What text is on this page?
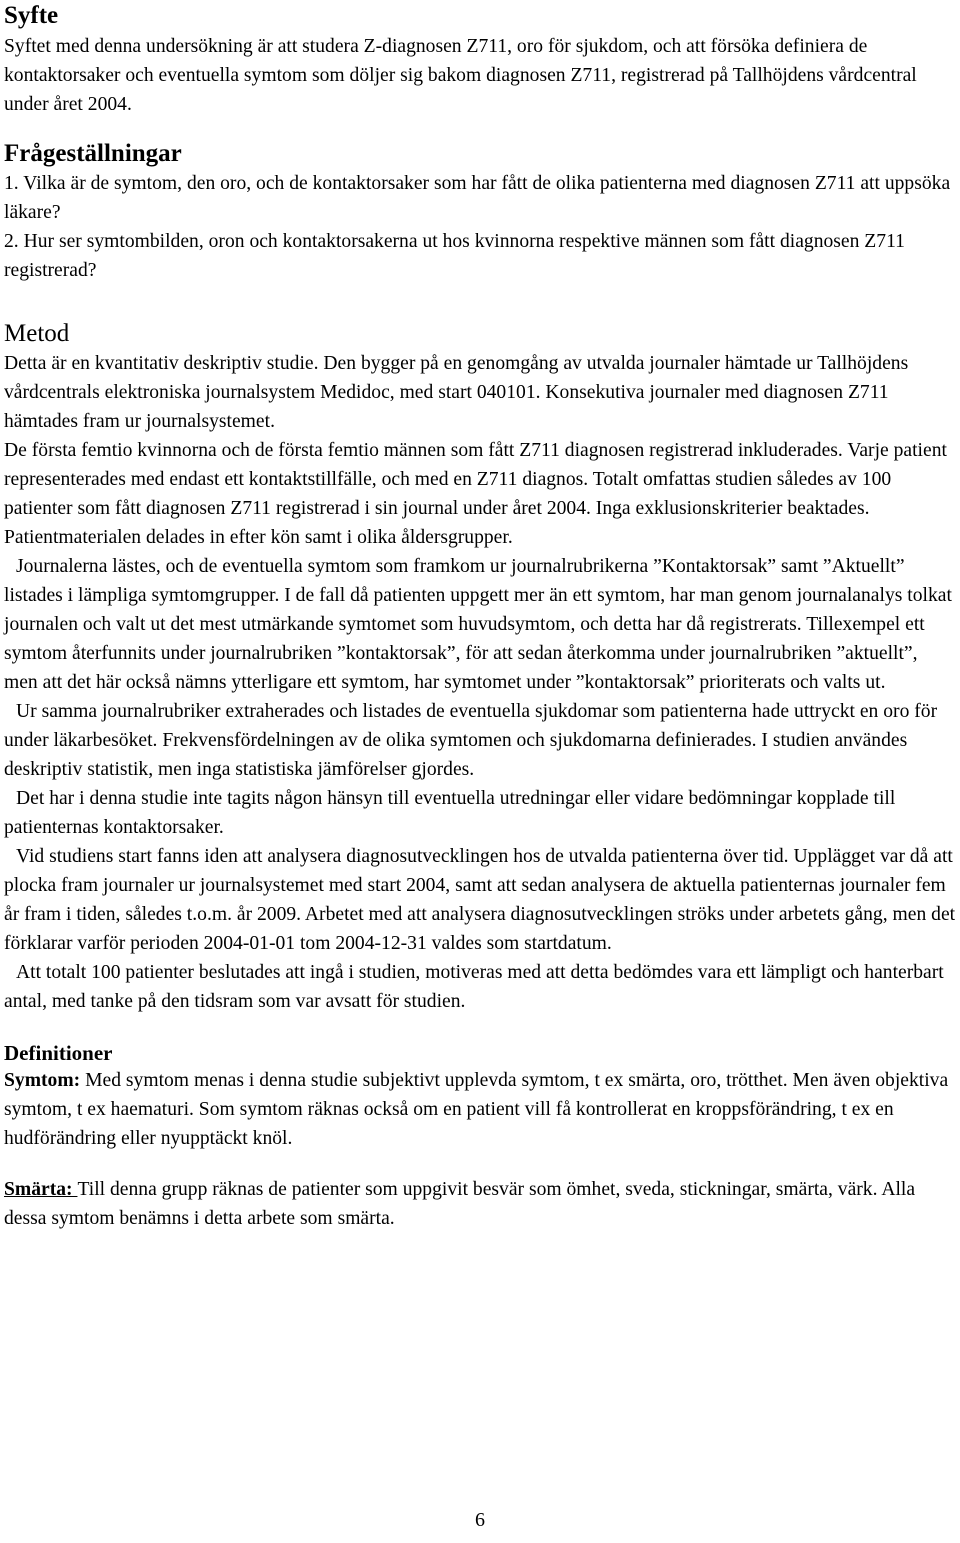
Syfte

Syftet med denna undersökning är att studera Z-diagnosen Z711, oro för sjukdom, och att försöka definiera de kontaktorsaker och eventuella symtom som döljer sig bakom diagnosen Z711, registrerad på Tallhöjdens vårdcentral under året 2004.

Frågeställningar

1. Vilka är de symtom, den oro, och de kontaktorsaker som har fått de olika patienterna med diagnosen Z711 att uppsöka läkare?

2. Hur ser symtombilden, oron och kontaktorsakerna ut hos kvinnorna respektive männen som fått diagnosen Z711 registrerad?

Metod

Detta är en kvantitativ deskriptiv studie. Den bygger på en genomgång av utvalda journaler hämtade ur Tallhöjdens vårdcentrals elektroniska journalsystem Medidoc, med start 040101. Konsekutiva journaler med diagnosen Z711 hämtades fram ur journalsystemet.

De första femtio kvinnorna och de första femtio männen som fått Z711 diagnosen registrerad inkluderades. Varje patient representerades med endast ett kontaktstillfälle, och med en Z711 diagnos. Totalt omfattas studien således av 100 patienter som fått diagnosen Z711 registrerad i sin journal under året 2004. Inga exklusionskriterier beaktades. Patientmaterialen delades in efter kön samt i olika åldersgrupper.

Journalerna lästes, och de eventuella symtom som framkom ur journalrubrikerna ”Kontaktorsak” samt ”Aktuellt” listades i lämpliga symtomgrupper. I de fall då patienten uppgett mer än ett symtom, har man genom journalanalys tolkat journalen och valt ut det mest utmärkande symtomet som huvudsymtom, och detta har då registrerats. Tillexempel ett symtom återfunnits under journalrubriken ”kontaktorsak”, för att sedan återkomma under journalrubriken ”aktuellt”, men att det här också nämns ytterligare ett symtom, har symtomet under ”kontaktorsak” prioriterats och valts ut.

Ur samma journalrubriker extraherades och listades de eventuella sjukdomar som patienterna hade uttryckt en oro för under läkarbesöket. Frekvensfördelningen av de olika symtomen och sjukdomarna definierades. I studien användes deskriptiv statistik, men inga statistiska jämförelser gjordes.

Det har i denna studie inte tagits någon hänsyn till eventuella utredningar eller vidare bedömningar kopplade till patienternas kontaktorsaker.

Vid studiens start fanns iden att analysera diagnosutvecklingen hos de utvalda patienterna över tid. Upplägget var då att plocka fram journaler ur journalsystemet med start 2004, samt att sedan analysera de aktuella patienternas journaler fem år fram i tiden, således t.o.m. år 2009. Arbetet med att analysera diagnosutvecklingen ströks under arbetets gång, men det förklarar varför perioden 2004-01-01 tom 2004-12-31 valdes som startdatum.

Att totalt 100 patienter beslutades att ingå i studien, motiveras med att detta bedömdes vara ett lämpligt och hanterbart antal, med tanke på den tidsram som var avsatt för studien.

Definitioner

Symtom: Med symtom menas i denna studie subjektivt upplevda symtom, t ex smärta, oro, trötthet. Men även objektiva symtom, t ex haematuri. Som symtom räknas också om en patient vill få kontrollerat en kroppsförändring, t ex en hudförändring eller nyupptäckt knöl.

Smärta: Till denna grupp räknas de patienter som uppgivit besvär som ömhet, sveda, stickningar, smärta, värk. Alla dessa symtom benämns i detta arbete som smärta.

6
